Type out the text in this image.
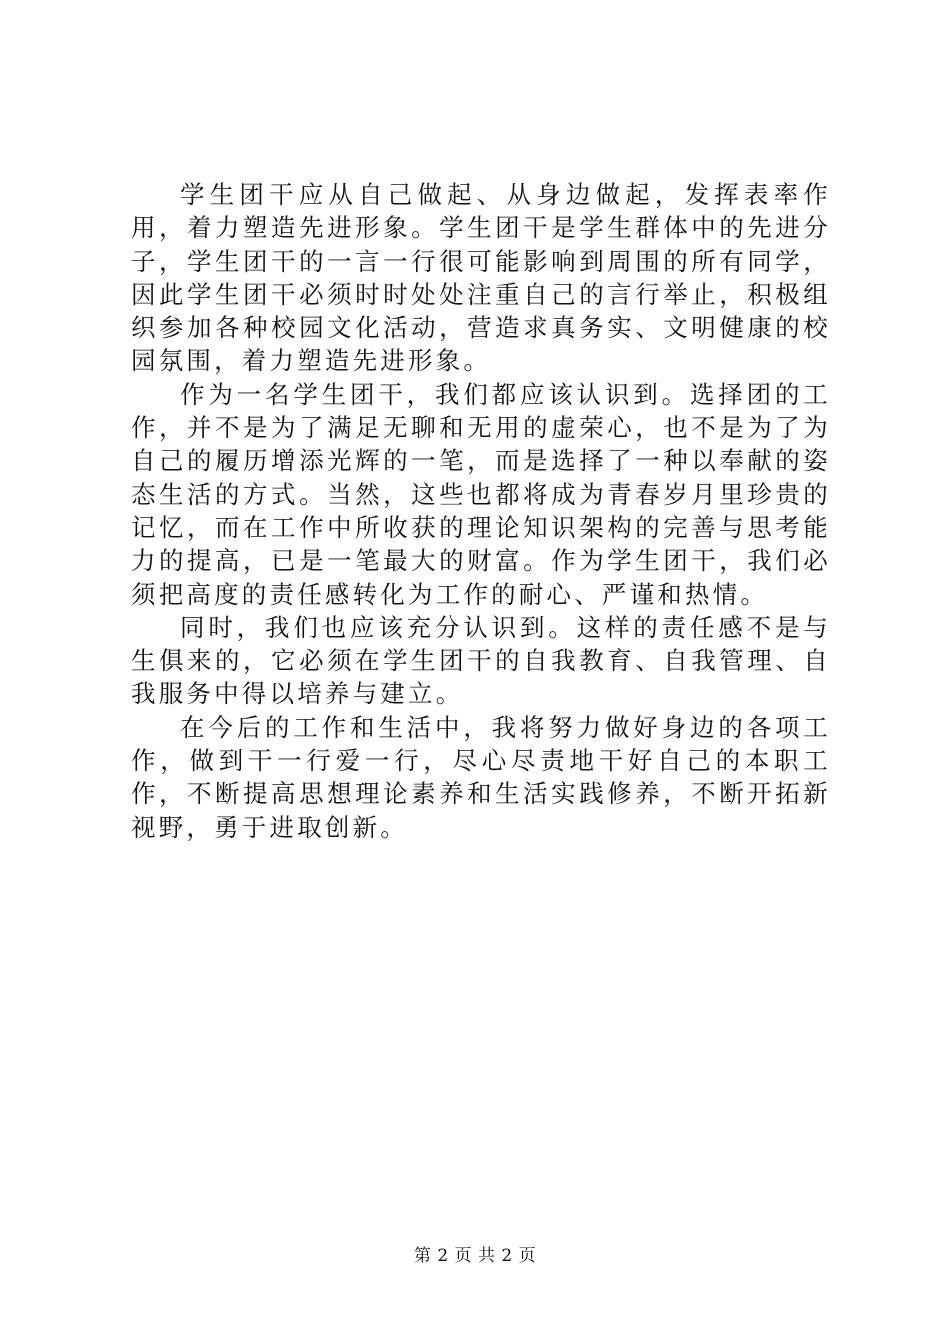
学生团干应从自己做起、从身边做起，发挥表率作用，着力塑造先进形象。学生团干是学生群体中的先进分子，学生团干的一言一行很可能影响到周围的所有同学，因此学生团干必须时时处处注重自己的言行举止，积极组织参加各种校园文化活动，营造求真务实、文明健康的校园氛围，着力塑造先进形象。

作为一名学生团干，我们都应该认识到。选择团的工作，并不是为了满足无聊和无用的虚荣心，也不是为了为自己的履历增添光辉的一笔，而是选择了一种以奉献的姿态生活的方式。当然，这些也都将成为青春岁月里珍贵的记忆，而在工作中所收获的理论知识架构的完善与思考能力的提高，已是一笔最大的财富。作为学生团干，我们必须把高度的责任感转化为工作的耐心、严谨和热情。

同时，我们也应该充分认识到。这样的责任感不是与生俱来的，它必须在学生团干的自我教育、自我管理、自我服务中得以培养与建立。

在今后的工作和生活中，我将努力做好身边的各项工作，做到干一行爱一行，尽心尽责地干好自己的本职工作，不断提高思想理论素养和生活实践修养，不断开拓新视野，勇于进取创新。

第 2 页 共 2 页
